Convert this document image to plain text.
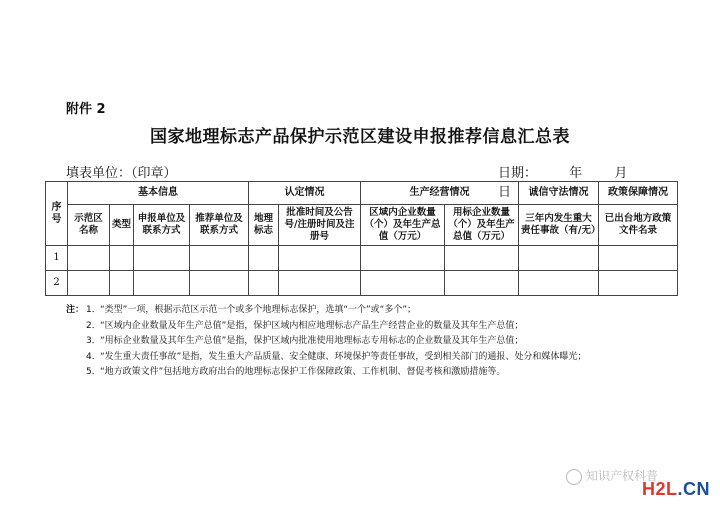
附件 2
国家地理标志产品保护示范区建设申报推荐信息汇总表
填表单位：（印章）	日期： 年 月 日
序号	基本信息				认定情况		生产经营情况		诚信守法情况	政策保障情况
	示范区名称	类型	申报单位及联系方式	推荐单位及联系方式	地理标志	批准时间及公告号/注册时间及注册号	区域内企业数量（个）及年生产总值（万元）	用标企业数量（个）及年生产总值（万元）	三年内发生重大责任事故（有/无）	已出台地方政策文件名录
1										
2										
注： 1．“类型”一项，根据示范区示范一个或多个地理标志保护，选填“一个”或“多个”；
2．“区域内企业数量及年生产总值”是指，保护区域内相应地理标志产品生产经营企业的数量及其年生产总值；
3．“用标企业数量及其年生产总值”是指，保护区域内批准使用地理标志专用标志的企业数量及其年生产总值；
4．“发生重大责任事故”是指，发生重大产品质量、安全健康、环境保护等责任事故，受到相关部门的通报、处分和媒体曝光；
5．“地方政策文件”包括地方政府出台的地理标志保护工作保障政策、工作机制、督促考核和激励措施等。
知识产权科普
H2L.CN
